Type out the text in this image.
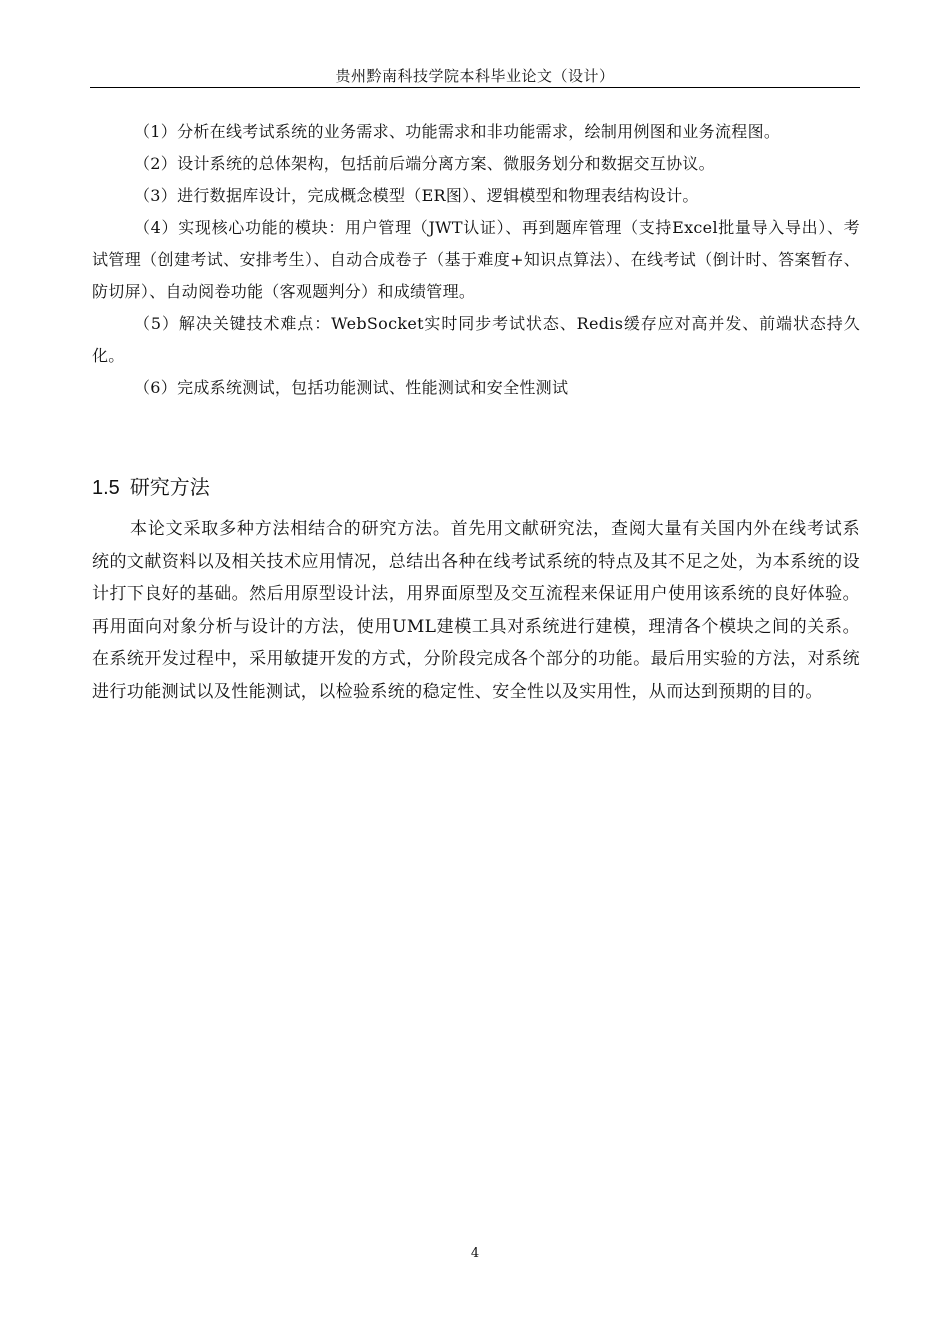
贵州黔南科技学院本科毕业论文（设计）

（1）分析在线考试系统的业务需求、功能需求和非功能需求，绘制用例图和业务流程图。

（2）设计系统的总体架构，包括前后端分离方案、微服务划分和数据交互协议。

（3）进行数据库设计，完成概念模型（ER图）、逻辑模型和物理表结构设计。

（4）实现核心功能的模块：用户管理（JWT认证）、再到题库管理（支持Excel批量导入导出）、考试管理（创建考试、安排考生）、自动合成卷子（基于难度+知识点算法）、在线考试（倒计时、答案暂存、防切屏）、自动阅卷功能（客观题判分）和成绩管理。

（5）解决关键技术难点：WebSocket实时同步考试状态、Redis缓存应对高并发、前端状态持久化。

（6）完成系统测试，包括功能测试、性能测试和安全性测试

1.5 研究方法

本论文采取多种方法相结合的研究方法。首先用文献研究法，查阅大量有关国内外在线考试系统的文献资料以及相关技术应用情况，总结出各种在线考试系统的特点及其不足之处，为本系统的设计打下良好的基础。然后用原型设计法，用界面原型及交互流程来保证用户使用该系统的良好体验。再用面向对象分析与设计的方法，使用UML建模工具对系统进行建模，理清各个模块之间的关系。在系统开发过程中，采用敏捷开发的方式，分阶段完成各个部分的功能。最后用实验的方法，对系统进行功能测试以及性能测试，以检验系统的稳定性、安全性以及实用性，从而达到预期的目的。

4
